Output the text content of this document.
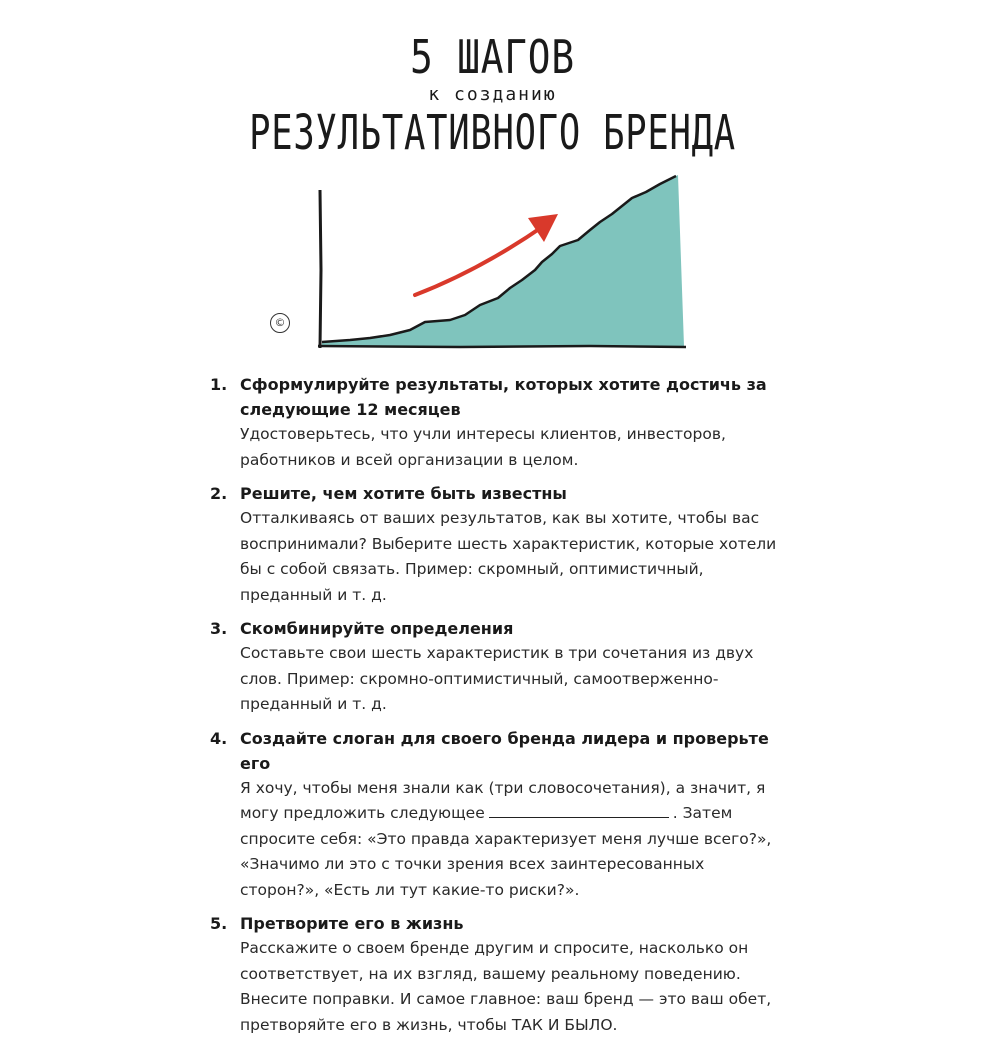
5 ШАГОВ
к созданию
РЕЗУЛЬТАТИВНОГО БРЕНДА
©
1. Сформулируйте результаты, которых хотите достичь за следующие 12 месяцев
Удостоверьтесь, что учли интересы клиентов, инвесторов, работников и всей организации в целом.
2. Решите, чем хотите быть известны
Отталкиваясь от ваших результатов, как вы хотите, чтобы вас воспринимали? Выберите шесть характеристик, которые хотели бы с собой связать. Пример: скромный, оптимистичный, преданный и т. д.
3. Скомбинируйте определения
Составьте свои шесть характеристик в три сочетания из двух слов. Пример: скромно-оптимистичный, самоотверженно-преданный и т. д.
4. Создайте слоган для своего бренда лидера и проверьте его
Я хочу, чтобы меня знали как (три словосочетания), а значит, я могу предложить следующее	. Затем спросите себя: «Это правда характеризует меня лучше всего?», «Значимо ли это с точки зрения всех заинтересованных сторон?», «Есть ли тут какие-то риски?».
5. Претворите его в жизнь
Расскажите о своем бренде другим и спросите, насколько он соответствует, на их взгляд, вашему реальному поведению. Внесите поправки. И самое главное: ваш бренд — это ваш обет, претворяйте его в жизнь, чтобы ТАК И БЫЛО.
